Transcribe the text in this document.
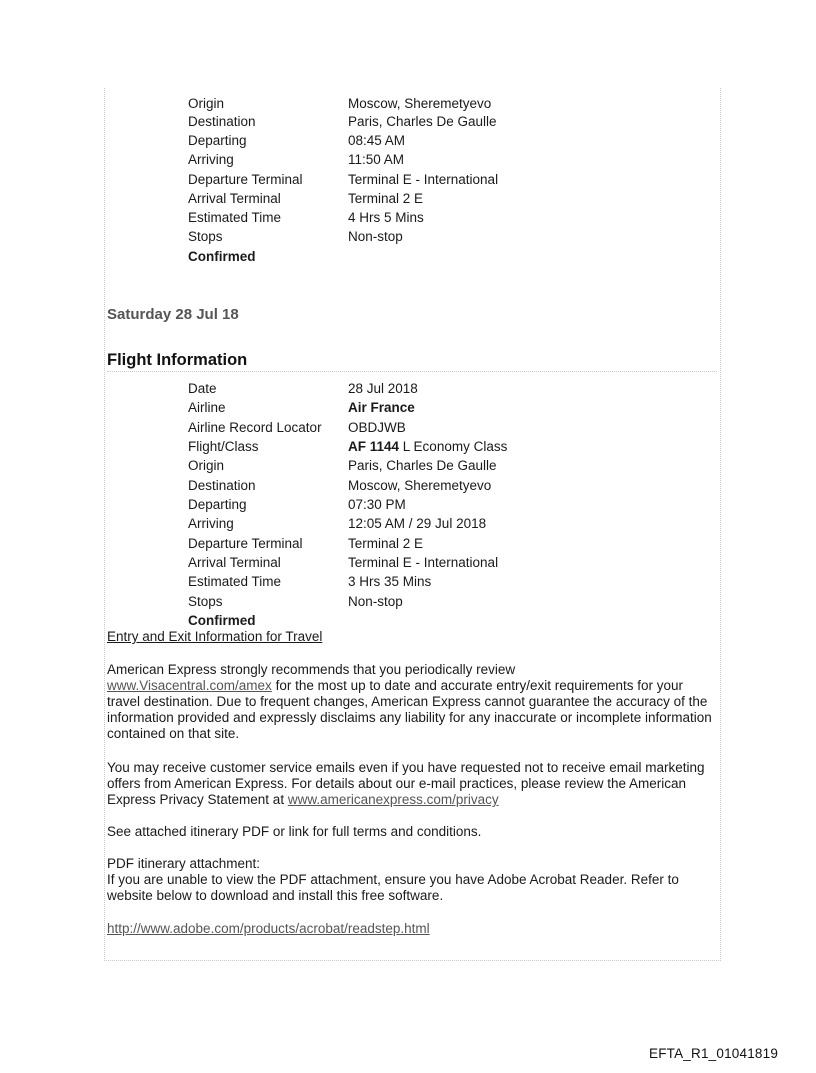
Origin	Moscow, Sheremetyevo
Destination	Paris, Charles De Gaulle
Departing	08:45 AM
Arriving	11:50 AM
Departure Terminal	Terminal E - International
Arrival Terminal	Terminal 2 E
Estimated Time	4 Hrs 5 Mins
Stops	Non-stop
Confirmed
Saturday 28 Jul 18
Flight Information
Date	28 Jul 2018
Airline	Air France
Airline Record Locator OBDJWB
Flight/Class	AF 1144 L Economy Class
Origin	Paris, Charles De Gaulle
Destination	Moscow, Sheremetyevo
Departing	07:30 PM
Arriving	12:05 AM / 29 Jul 2018
Departure Terminal	Terminal 2 E
Arrival Terminal	Terminal E - International
Estimated Time	3 Hrs 35 Mins
Stops	Non-stop
Confirmed
Entry and Exit Information for Travel
American Express strongly recommends that you periodically review
www.Visacentral.com/amex for the most up to date and accurate entry/exit requirements for your travel destination. Due to frequent changes, American Express cannot guarantee the accuracy of the information provided and expressly disclaims any liability for any inaccurate or incomplete information contained on that site.
You may receive customer service emails even if you have requested not to receive email marketing offers from American Express. For details about our e-mail practices, please review the American Express Privacy Statement at www.americanexpress.com/privacy
See attached itinerary PDF or link for full terms and conditions.
PDF itinerary attachment:
If you are unable to view the PDF attachment, ensure you have Adobe Acrobat Reader. Refer to website below to download and install this free software.
http://www.adobe.com/products/acrobat/readstep.html
EFTA_R1_01041819
